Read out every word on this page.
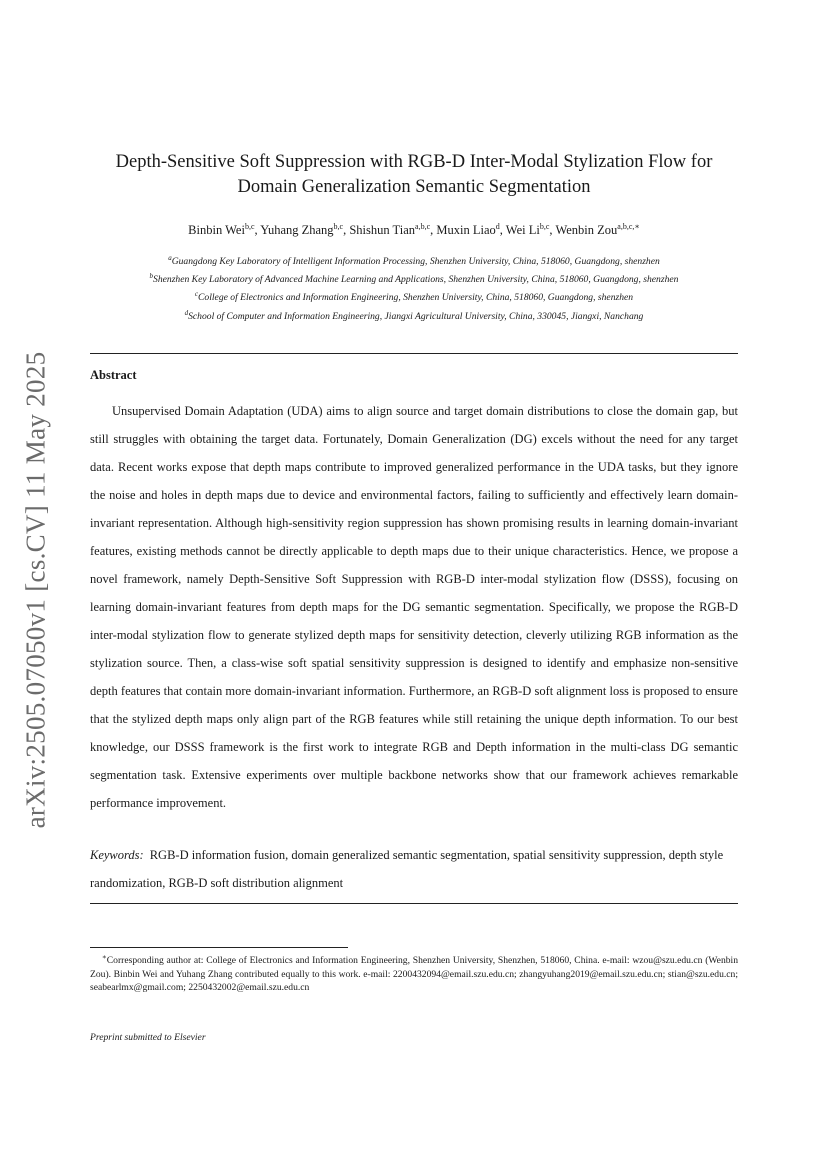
arXiv:2505.07050v1 [cs.CV] 11 May 2025
Depth-Sensitive Soft Suppression with RGB-D Inter-Modal Stylization Flow for
Domain Generalization Semantic Segmentation
Binbin Wei$^{b,c}$, Yuhang Zhang$^{b,c}$, Shishun Tian$^{a,b,c}$, Muxin Liao$^d$, Wei Li$^{b,c}$, Wenbin Zou$^{a,b,c,∗}$
$^a$Guangdong Key Laboratory of Intelligent Information Processing, Shenzhen University, China, 518060, Guangdong, shenzhen
$^b$Shenzhen Key Laboratory of Advanced Machine Learning and Applications, Shenzhen University, China, 518060, Guangdong, shenzhen
$^c$College of Electronics and Information Engineering, Shenzhen University, China, 518060, Guangdong, shenzhen
$^d$School of Computer and Information Engineering, Jiangxi Agricultural University, China, 330045, Jiangxi, Nanchang
Abstract

Unsupervised Domain Adaptation (UDA) aims to align source and target domain distributions to close the domain gap, but still struggles with obtaining the target data. Fortunately, Domain Generalization (DG) excels without the need for any target data. Recent works expose that depth maps contribute to improved generalized performance in the UDA tasks, but they ignore the noise and holes in depth maps due to device and environmental factors, failing to sufficiently and effectively learn domain-invariant representation. Although high-sensitivity region suppression has shown promising results in learning domain-invariant features, existing methods cannot be directly applicable to depth maps due to their unique characteristics. Hence, we propose a novel framework, namely Depth-Sensitive Soft Suppression with RGB-D inter-modal stylization flow (DSSS), focusing on learning domain-invariant features from depth maps for the DG semantic segmentation. Specifically, we propose the RGB-D inter-modal stylization flow to generate stylized depth maps for sensitivity detection, cleverly utilizing RGB information as the stylization source. Then, a class-wise soft spatial sensitivity suppression is designed to identify and emphasize non-sensitive depth features that contain more domain-invariant information. Furthermore, an RGB-D soft alignment loss is proposed to ensure that the stylized depth maps only align part of the RGB features while still retaining the unique depth information. To our best knowledge, our DSSS framework is the first work to integrate RGB and Depth information in the multi-class DG semantic segmentation task. Extensive experiments over multiple backbone networks show that our framework achieves remarkable performance improvement.

Keywords: RGB-D information fusion, domain generalized semantic segmentation, spatial sensitivity suppression, depth style randomization, RGB-D soft distribution alignment
∗Corresponding author at: College of Electronics and Information Engineering, Shenzhen University, Shenzhen, 518060, China. e-mail: wzou@szu.edu.cn (Wenbin Zou). Binbin Wei and Yuhang Zhang contributed equally to this work. e-mail: 2200432094@email.szu.edu.cn; zhangyuhang2019@email.szu.edu.cn; stian@szu.edu.cn; seabearlmx@gmail.com; 2250432002@email.szu.edu.cn
Preprint submitted to Elsevier
